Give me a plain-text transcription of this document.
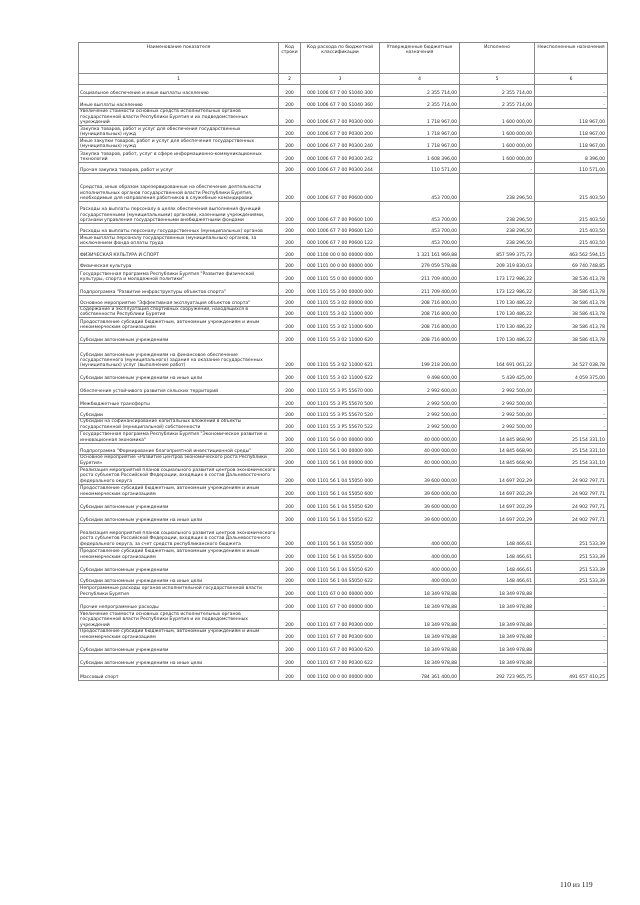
Наименование показателя	Код строки	Код расхода по бюджетной классификации	Утвержденные бюджетные назначения	Исполнено	Неисполненные назначения
1	2	3	4	5	6
Социальное обеспечение и иные выплаты населению	200	000 1006 67 7 00 S1040 300	2 355 714,00	2 355 714,00	-
Иные выплаты населению	200	000 1006 67 7 00 S1040 360	2 355 714,00	2 355 714,00	-
Увеличение стоимости основных средств исполнительных органов государственной власти Республики Бурятия и их подведомственных учреждений	200	000 1006 67 7 00 Р0300 000	1 718 967,00	1 600 000,00	118 967,00
Закупка товаров, работ и услуг для обеспечения государственных (муниципальных) нужд	200	000 1006 67 7 00 Р0300 200	1 718 967,00	1 600 000,00	118 967,00
Иные закупки товаров, работ и услуг для обеспечения государственных (муниципальных) нужд	200	000 1006 67 7 00 Р0300 240	1 718 967,00	1 600 000,00	118 967,00
Закупка товаров, работ, услуг в сфере информационно-коммуникационных технологий	200	000 1006 67 7 00 Р0300 242	1 608 396,00	1 600 000,00	8 396,00
Прочая закупка товаров, работ и услуг	200	000 1006 67 7 00 Р0300 244	110 571,00	-	110 571,00
Средства, иные образом зарезервированные на обеспечение деятельности исполнительных органов государственной власти Республики Бурятия, необходимые для направления работников в служебные командировки	200	000 1006 67 7 00 Р0600 000	453 700,00	238 296,50	215 403,50
Расходы на выплаты персоналу в целях обеспечения выполнения функций государственными (муниципальными) органами, казенными учреждениями, органами управления государственными внебюджетными фондами	200	000 1006 67 7 00 Р0600 100	453 700,00	238 296,50	215 403,50
Расходы на выплаты персоналу государственных (муниципальных) органов	200	000 1006 67 7 00 Р0600 120	453 700,00	238 296,50	215 403,50
Иные выплаты персоналу государственных (муниципальных) органов, за исключением фонда оплаты труда	200	000 1006 67 7 00 Р0600 122	453 700,00	238 296,50	215 403,50
ФИЗИЧЕСКАЯ КУЛЬТУРА И СПОРТ	200	000 1100 00 0 00 00000 000	1 321 161 969,88	857 599 375,73	463 562 594,15
Физическая культура	200	000 1101 00 0 00 00000 000	279 059 578,88	209 319 830,03	69 740 748,85
Государственная программа Республики Бурятия "Развитие физической культуры, спорта и молодежной политики"	200	000 1101 55 0 00 00000 000	211 709 400,00	173 172 986,22	38 536 413,78
Подпрограмма "Развитие инфраструктуры объектов спорта"	200	000 1101 55 3 00 00000 000	211 709 400,00	173 122 986,22	38 586 413,78
Основное мероприятие "Эффективная эксплуатация объектов спорта"	200	000 1101 55 3 02 00000 000	208 716 800,00	170 130 486,22	38 586 413,78
Содержание и эксплуатация спортивных сооружений, находящихся в собственности Республики Бурятия	200	000 1101 55 3 02 11000 000	208 716 800,00	170 130 486,22	38 586 413,78
Предоставление субсидий бюджетным, автономным учреждениям и иным некоммерческим организациям	200	000 1101 55 3 02 11000 600	208 716 800,00	170 130 486,22	38 586 413,78
Субсидии автономным учреждениям	200	000 1101 55 3 02 11000 620	208 716 800,00	170 130 486,22	38 586 413,78
Субсидии автономным учреждениям на финансовое обеспечение государственного (муниципального) задания на оказание государственных (муниципальных) услуг (выполнение работ)	200	000 1101 55 3 02 11000 621	199 218 200,00	164 691 061,22	34 527 038,78
Субсидии автономным учреждениям на иные цели	200	000 1101 55 3 02 11000 622	9 498 600,00	5 439 425,00	4 059 375,00
Обеспечение устойчивого развития сельских территорий	200	000 1101 55 3 Р5 55670 000	2 992 600,00	2 992 500,00	-
Межбюджетные трансферты	200	000 1101 55 3 Р5 55670 500	2 992 500,00	2 992 500,00	-
Субсидии	200	000 1101 55 3 Р5 55670 520	2 992 500,00	2 992 500,00	-
Субсидии на софинансирование капитальных вложений в объекты государственной (муниципальной) собственности	200	000 1101 55 3 Р5 55670 522	2 992 500,00	2 992 500,00	-
Государственная программа Республики Бурятия "Экономическое развитие и инновационная экономика"	200	000 1101 56 0 00 00000 000	40 000 000,00	14 845 868,90	25 154 331,10
Подпрограмма "Формирование благоприятной инвестиционной среды"	200	000 1101 56 1 00 00000 000	40 000 000,00	14 845 668,90	25 154 331,10
Основное мероприятие «Развитие центров экономического роста Республики Бурятия»	200	000 1101 56 1 04 00000 000	40 000 000,00	14 845 668,90	25 154 331,10
Реализация мероприятий планов социального развития центров экономического роста субъектов Российской Федерации, входящих в состав Дальневосточного федерального округа	200	000 1101 56 1 04 55050 000	39 600 000,00	14 697 202,29	24 902 797,71
Предоставление субсидий бюджетным, автономным учреждениям и иным некоммерческим организациям	200	000 1101 56 1 04 55050 600	39 600 000,00	14 697 202,29	24 902 797,71
Субсидии автономным учреждениям	200	000 1101 56 1 04 55050 620	39 600 000,00	14 697 202,29	24 902 797,71
Субсидии автономным учреждениям на иные цели	200	000 1101 56 1 04 55050 622	39 600 000,00	14 697 202,29	24 902 797,71
Реализация мероприятий планов социального развития центров экономического роста субъектов Российской Федерации, входящих в состав Дальневосточного федерального округа, за счет средств республиканского бюджета	200	000 1101 56 1 04 S5050 000	400 000,00	148 466,61	251 533,39
Предоставление субсидий бюджетным, автономным учреждениям и иным некоммерческим организациям	200	000 1101 56 1 04 S5050 600	400 000,00	148 466,61	251 533,39
Субсидии автономным учреждениям	200	000 1101 56 1 04 S5050 620	400 000,00	148 466,61	251 533,39
Субсидии автономным учреждениям на иные цели	200	000 1101 56 1 04 S5050 622	400 000,00	148 466,61	251 533,39
Непрограммные расходы органов исполнительной государственной власти Республики Бурятия	200	000 1101 67 0 00 00000 000	18 349 978,88	18 349 978,88	-
Прочие непрограммные расходы	200	000 1101 67 7 00 00000 000	18 349 978,88	18 349 978,88	-
Увеличение стоимости основных средств исполнительных органов государственной власти Республики Бурятия и их подведомственных учреждений	200	000 1101 67 7 00 Р0300 000	18 349 978,88	18 349 978,88	-
Предоставление субсидий бюджетным, автономным учреждениям и иным некоммерческим организациям	200	000 1101 67 7 00 Р0300 600	18 349 978,88	18 349 978,88	-
Субсидии автономным учреждениям	200	000 1101 67 7 00 Р0300 620	18 349 978,88	18 349 978,88	-
Субсидии автономным учреждениям на иные цели	200	000 1101 67 7 00 Р0300 622	18 349 978,88	18 349 978,88	-
Массовый спорт	200	000 1102 00 0 00 00000 000	784 361 400,00	292 723 965,75	491 657 410,25
110 из 119
